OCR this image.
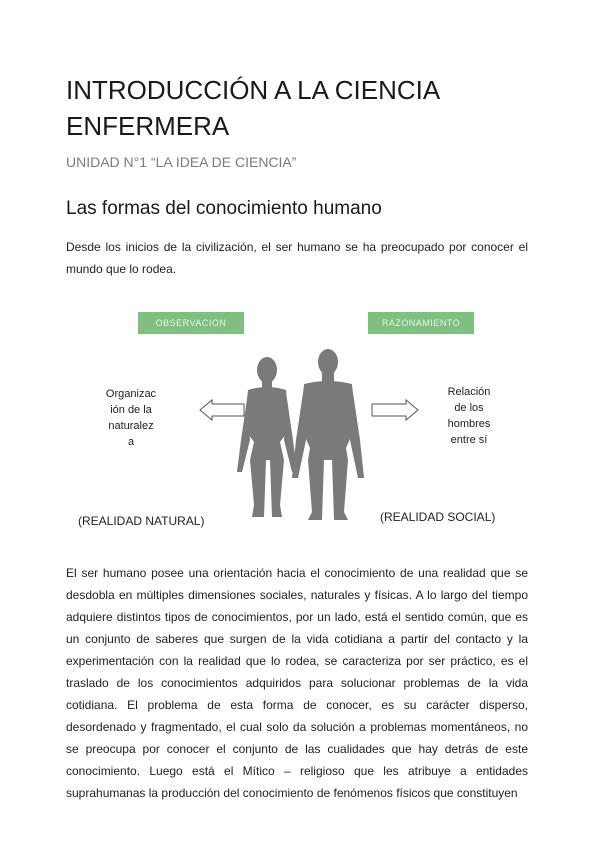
INTRODUCCIÓN A LA CIENCIA ENFERMERA

UNIDAD N°1 “LA IDEA DE CIENCIA”

Las formas del conocimiento humano

Desde los inicios de la civilización, el ser humano se ha preocupado por conocer el mundo que lo rodea.

OBSERVACION	RAZONAMIENTO
Organizac
ión de la
naturalez
a
Relación
de los
hombres
entre sí
(REALIDAD NATURAL)	(REALIDAD SOCIAL)

El ser humano posee una orientación hacia el conocimiento de una realidad que se desdobla en múltiples dimensiones sociales, naturales y físicas. A lo largo del tiempo adquiere distintos tipos de conocimientos, por un lado, está el sentido común, que es un conjunto de saberes que surgen de la vida cotidiana a partir del contacto y la experimentación con la realidad que lo rodea, se caracteriza por ser práctico, es el traslado de los conocimientos adquiridos para solucionar problemas de la vida cotidiana. El problema de esta forma de conocer, es su carácter disperso, desordenado y fragmentado, el cual solo da solución a problemas momentáneos, no se preocupa por conocer el conjunto de las cualidades que hay detrás de este conocimiento. Luego está el Mítico – religioso que les atribuye a entidades suprahumanas la producción del conocimiento de fenómenos físicos que constituyen
